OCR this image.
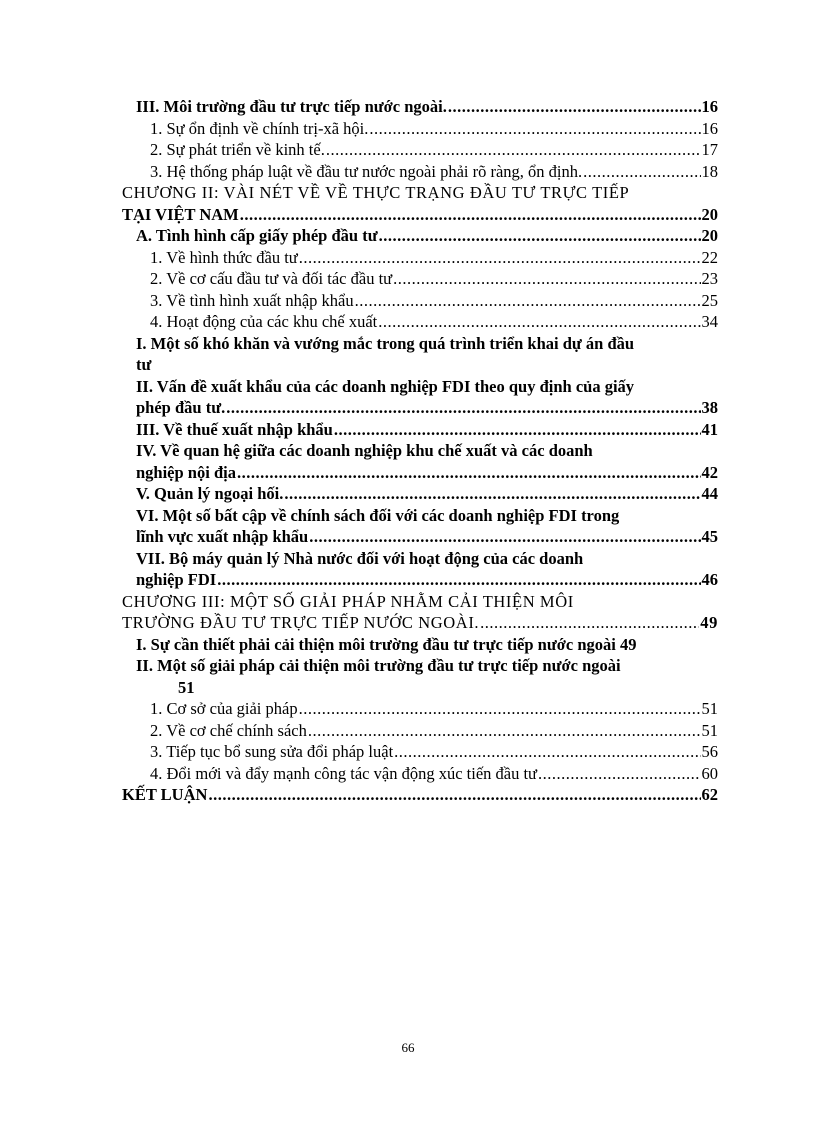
III. Môi trường đầu tư trực tiếp nước ngoài. .....	16
1. Sự ổn định về chính trị-xã hội. .....	16
2. Sự phát triển về kinh tế. .....	17
3. Hệ thống pháp luật về đầu tư nước ngoài phải rõ ràng, ổn định. .....	18
CHƯƠNG II: VÀI NÉT VỀ VỀ THỰC TRẠNG ĐẦU TƯ TRỰC TIẾP
TẠI VIỆT NAM .....	20
A. Tình hình cấp giấy phép đầu tư .....	20
1. Về hình thức đầu tư .....	22
2. Về cơ cấu đầu tư và đối tác đầu tư .....	23
3. Về tình hình xuất nhập khẩu .....	25
4. Hoạt động của các khu chế xuất .....	34
I. Một số khó khăn và vướng mắc trong quá trình triển khai dự án đầu
tư
II. Vấn đề xuất khẩu của các doanh nghiệp FDI theo quy định của giấy
phép đầu tư. .....	38
III. Về thuế xuất nhập khẩu .....	41
IV. Về quan hệ giữa các doanh nghiệp khu chế xuất và các doanh
nghiệp nội địa .....	42
V. Quản lý ngoại hối. .....	44
VI. Một số bất cập về chính sách đối với các doanh nghiệp FDI trong
lĩnh vực xuất nhập khẩu .....	45
VII. Bộ máy quản lý Nhà nước đối với hoạt động của các doanh
nghiệp FDI .....	46
CHƯƠNG III: MỘT SỐ GIẢI PHÁP NHẰM CẢI THIỆN MÔI
TRƯỜNG ĐẦU TƯ TRỰC TIẾP NƯỚC NGOÀI. .....	49
I. Sự cần thiết phải cải thiện môi trường đầu tư trực tiếp nước ngoài 49
II. Một số giải pháp cải thiện môi trường đầu tư trực tiếp nước ngoài
51
1. Cơ sở của giải pháp .....	51
2. Về cơ chế chính sách .....	51
3. Tiếp tục bổ sung sửa đổi pháp luật .....	56
4. Đổi mới và đẩy mạnh công tác vận động xúc tiến đầu tư .....	60
KẾT LUẬN .....	62
66
